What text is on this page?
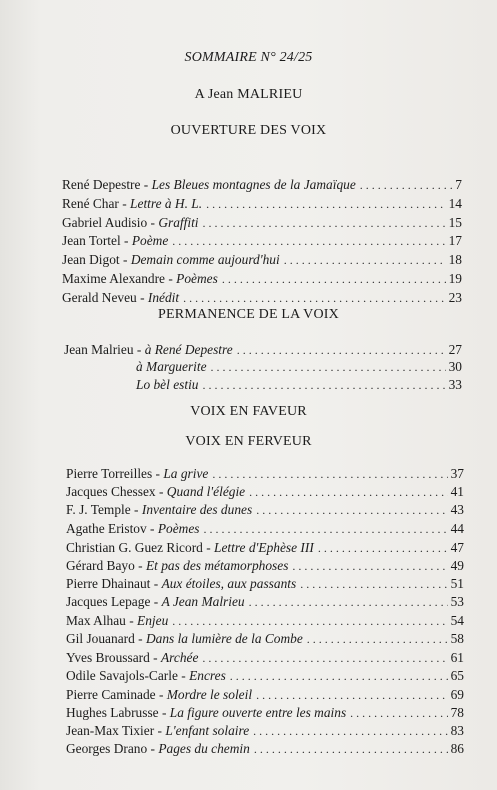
SOMMAIRE N° 24/25
A Jean MALRIEU
OUVERTURE DES VOIX
René Depestre - Les Bleues montagnes de la Jamaïque . . .	7
René Char - Lettre à H. L. . . .	14
Gabriel Audisio - Graffiti . . .	15
Jean Tortel - Poème . . .	17
Jean Digot - Demain comme aujourd'hui . . .	18
Maxime Alexandre - Poèmes . . .	19
Gerald Neveu - Inédit . . .	23
PERMANENCE DE LA VOIX
Jean Malrieu - à René Depestre . . .	27
à Marguerite . . .	30
Lo bèl estiu . . .	33
VOIX EN FAVEUR
VOIX EN FERVEUR
Pierre Torreilles - La grive . . .	37
Jacques Chessex - Quand l'élégie . . .	41
F. J. Temple - Inventaire des dunes . . .	43
Agathe Eristov - Poèmes . . .	44
Christian G. Guez Ricord - Lettre d'Ephèse III . . .	47
Gérard Bayo - Et pas des métamorphoses . . .	49
Pierre Dhainaut - Aux étoiles, aux passants . . .	51
Jacques Lepage - A Jean Malrieu . . .	53
Max Alhau - Enjeu . . .	54
Gil Jouanard - Dans la lumière de la Combe . . .	58
Yves Broussard - Archée . . .	61
Odile Savajols-Carle - Encres . . .	65
Pierre Caminade - Mordre le soleil . . .	69
Hughes Labrusse - La figure ouverte entre les mains . . .	78
Jean-Max Tixier - L'enfant solaire . . .	83
Georges Drano - Pages du chemin . . .	86
